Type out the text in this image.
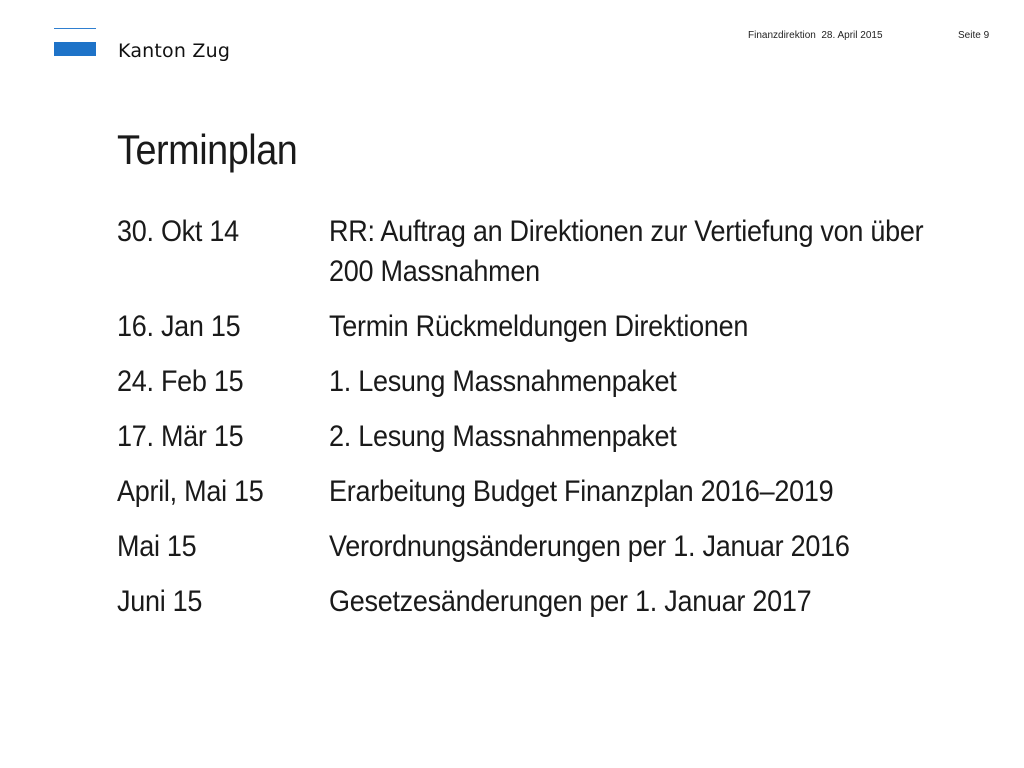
Kanton Zug
Finanzdirektion  28. April 2015	Seite 9
Terminplan
30. Okt 14	RR: Auftrag an Direktionen zur Vertiefung von über 200 Massnahmen
16. Jan 15	Termin Rückmeldungen Direktionen
24. Feb 15	1. Lesung Massnahmenpaket
17. Mär 15	2. Lesung Massnahmenpaket
April, Mai 15	Erarbeitung Budget Finanzplan 2016–2019
Mai 15	Verordnungsänderungen per 1. Januar 2016
Juni 15	Gesetzesänderungen per 1. Januar 2017
